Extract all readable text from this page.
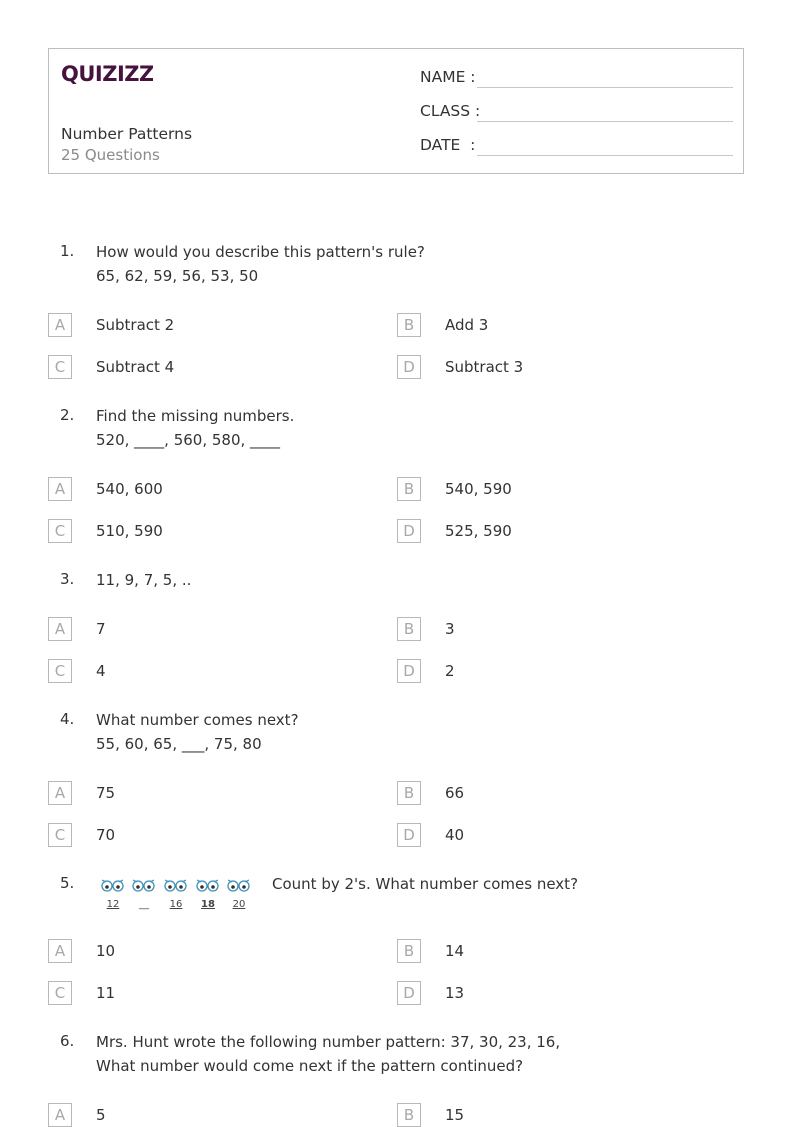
QUIZIZZ
Number Patterns
25 Questions
NAME :
CLASS :
DATE  :
1. How would you describe this pattern's rule?
65, 62, 59, 56, 53, 50
A	Subtract 2	B	Add 3
C	Subtract 4	D	Subtract 3
2. Find the missing numbers.
520, ____, 560, 580, ____
A	540, 600	B	540, 590
C	510, 590	D	525, 590
3. 11, 9, 7, 5, ..
A	7	B	3
C	4	D	2
4. What number comes next?
55, 60, 65, ___, 75, 80
A	75	B	66
C	70	D	40
5.
12 __ 16 18 20
Count by 2's. What number comes next?
A	10	B	14
C	11	D	13
6. Mrs. Hunt wrote the following number pattern: 37, 30, 23, 16,
What number would come next if the pattern continued?
A	5	B	15
